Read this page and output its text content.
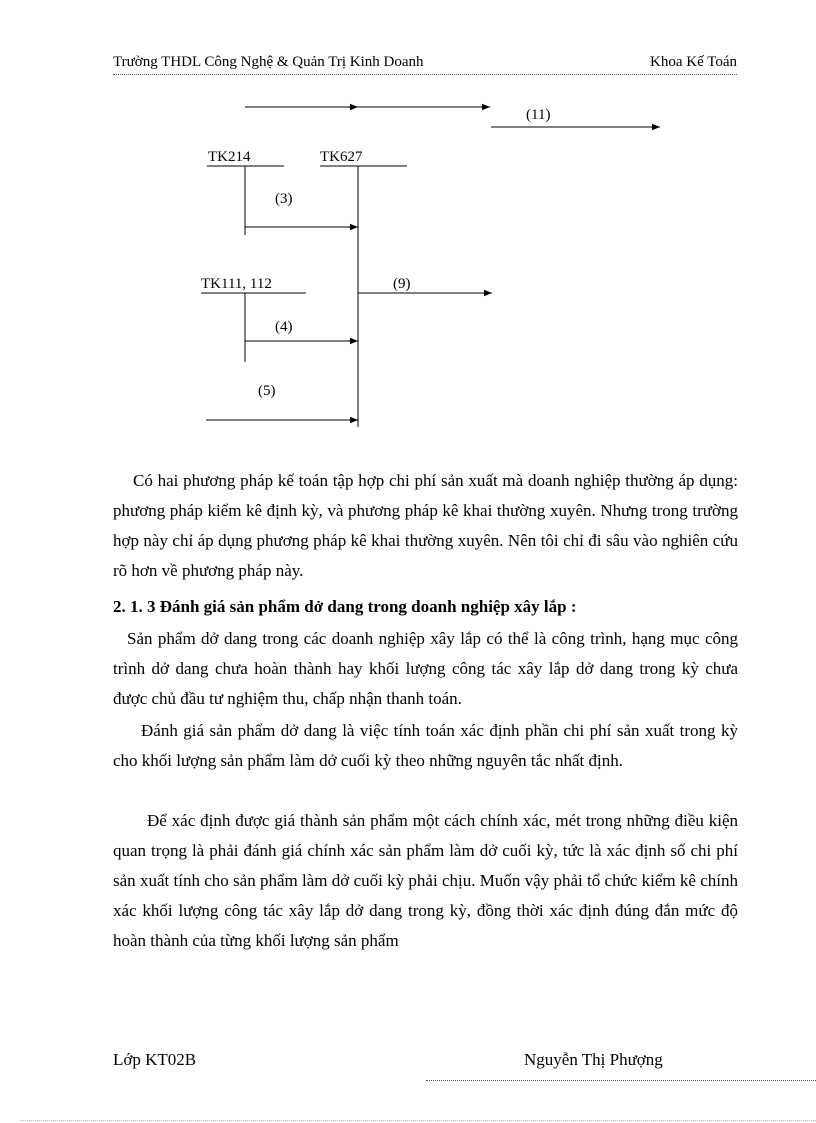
Trường THDL Công Nghệ & Quản Trị Kinh Doanh	Khoa Kế Toán
(11)
TK214	TK627
(3)
TK111, 112	(9)
(4)
(5)

Có hai phương pháp kế toán tập hợp chi phí sản xuất mà doanh nghiệp thường áp dụng: phương pháp kiểm kê định kỳ, và phương pháp kê khai thường xuyên. Nhưng trong trường hợp này chỉ áp dụng phương pháp kê khai thường xuyên. Nên tôi chỉ đi sâu vào nghiên cứu rõ hơn về phương pháp này.

2. 1. 3 Đánh giá sản phẩm dở dang trong doanh nghiệp xây lắp :

Sản phẩm dở dang trong các doanh nghiệp xây lắp có thể là công trình, hạng mục công trình dở dang chưa hoàn thành hay khối lượng công tác xây lắp dở dang trong kỳ chưa được chủ đầu tư nghiệm thu, chấp nhận thanh toán.

Đánh giá sản phẩm dở dang là việc tính toán xác định phần chi phí sản xuất trong kỳ cho khối lượng sản phẩm làm dở cuối kỳ theo những nguyên tắc nhất định.

Để xác định được giá thành sản phẩm một cách chính xác, mét trong những điều kiện quan trọng là phải đánh giá chính xác sản phẩm làm dở cuối kỳ, tức là xác định số chi phí sản xuất tính cho sản phẩm làm dở cuối kỳ phải chịu. Muốn vậy phải tổ chức kiểm kê chính xác khối lượng công tác xây lắp dở dang trong kỳ, đồng thời xác định đúng đắn mức độ hoàn thành của từng khối lượng sản phẩm

Lớp KT02B	Nguyễn Thị Phượng
